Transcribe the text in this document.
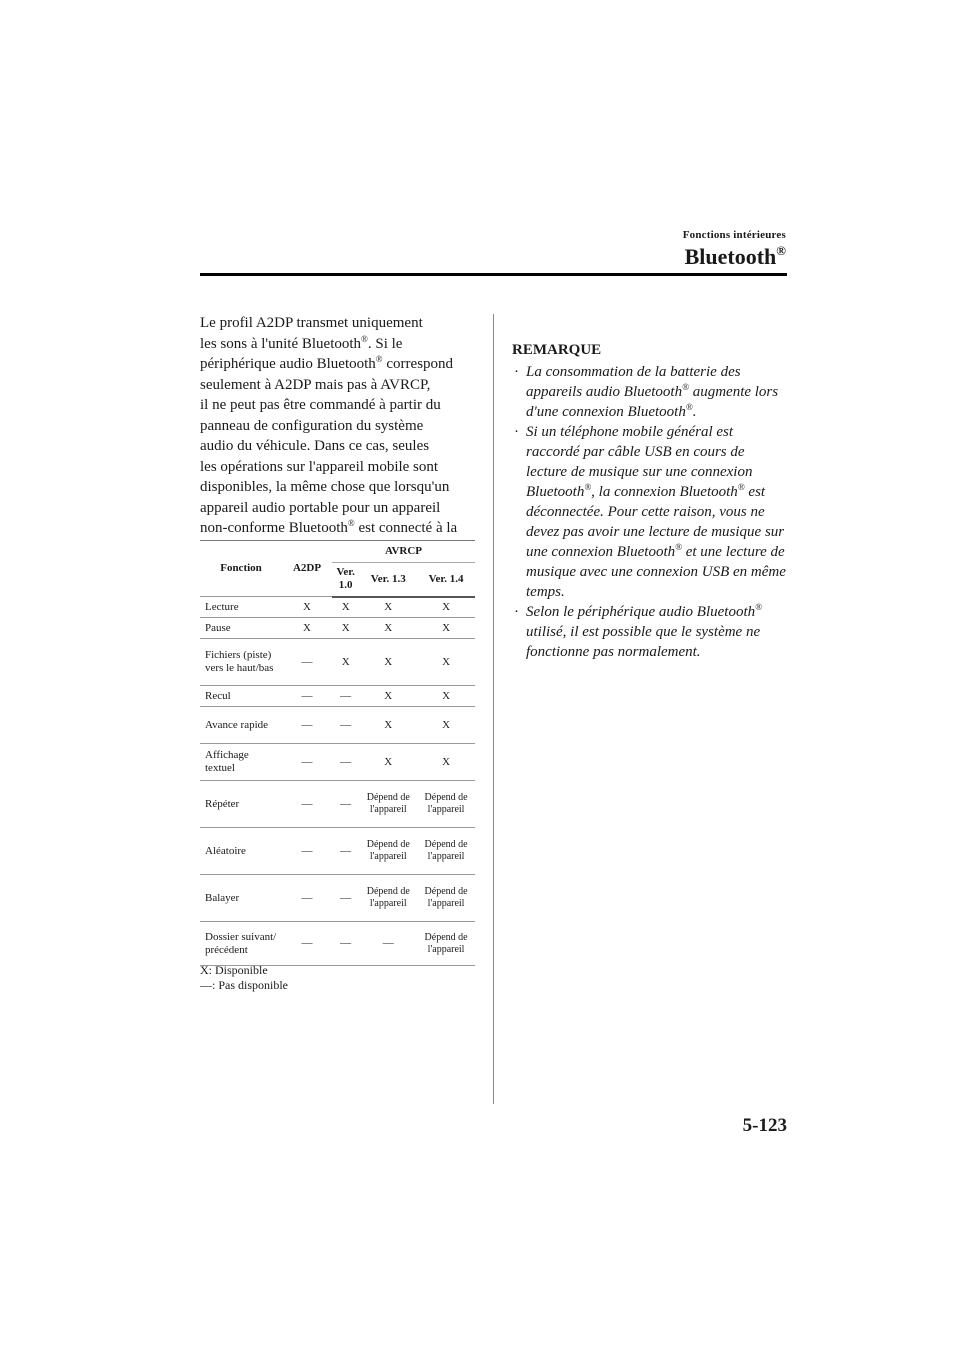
Fonctions intérieures
Bluetooth®

Le profil A2DP transmet uniquement
les sons à l'unité Bluetooth®. Si le
périphérique audio Bluetooth® correspond
seulement à A2DP mais pas à AVRCP,
il ne peut pas être commandé à partir du
panneau de configuration du système
audio du véhicule. Dans ce cas, seules
les opérations sur l'appareil mobile sont
disponibles, la même chose que lorsqu'un
appareil audio portable pour un appareil
non-conforme Bluetooth® est connecté à la
borne AUX.

Fonction	A2DP	AVRCP		
		Ver. 1.0	Ver. 1.3	Ver. 1.4
Lecture	X	X	X	X
Pause	X	X	X	X
Fichiers (piste) vers le haut/bas	—	X	X	X
Recul	—	—	X	X
Avance rapide	—	—	X	X
Affichage textuel	—	—	X	X
Répéter	—	—	Dépend de l'appareil	Dépend de l'appareil
Aléatoire	—	—	Dépend de l'appareil	Dépend de l'appareil
Balayer	—	—	Dépend de l'appareil	Dépend de l'appareil
Dossier suivant/ précédent	—	—	—	Dépend de l'appareil
X: Disponible
—: Pas disponible
REMARQUE
· La consommation de la batterie des appareils audio Bluetooth® augmente lors d'une connexion Bluetooth®.
· Si un téléphone mobile général est raccordé par câble USB en cours de lecture de musique sur une connexion Bluetooth®, la connexion Bluetooth® est déconnectée. Pour cette raison, vous ne devez pas avoir une lecture de musique sur une connexion Bluetooth® et une lecture de musique avec une connexion USB en même temps.
· Selon le périphérique audio Bluetooth® utilisé, il est possible que le système ne fonctionne pas normalement.
5-123
